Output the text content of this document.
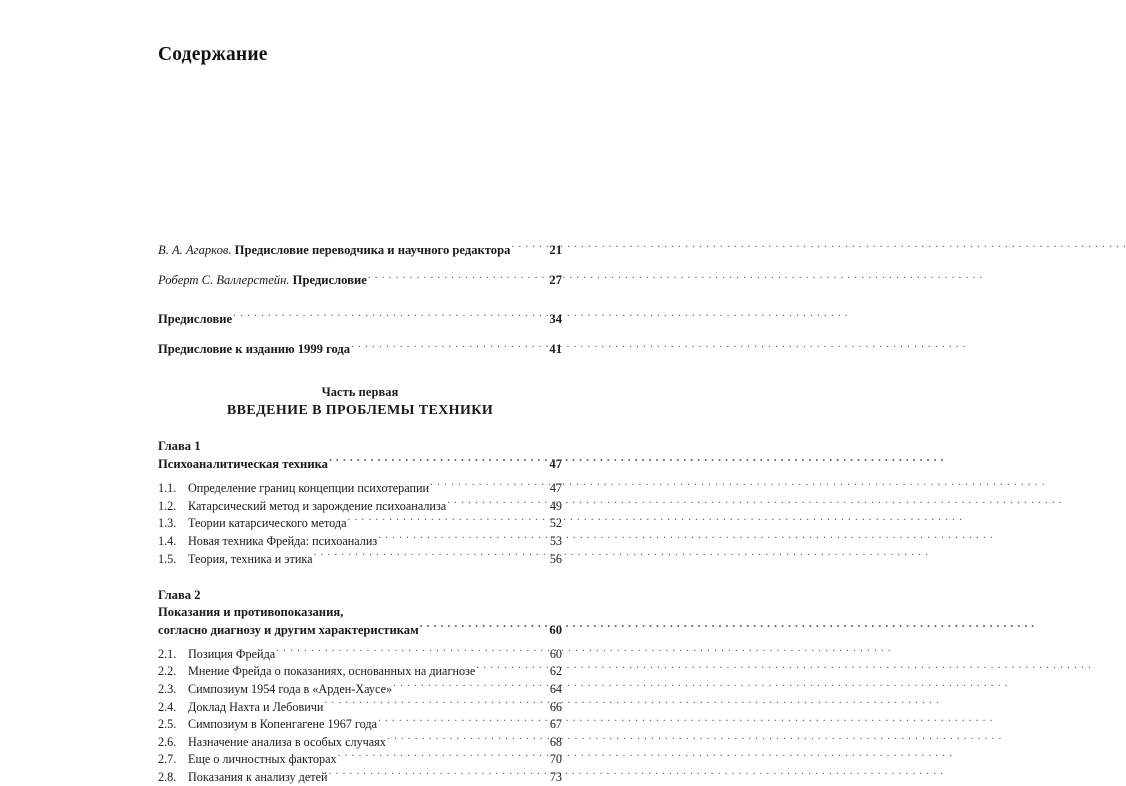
Содержание
В. А. Агарков. Предисловие переводчика и научного редактора . . .	21
Роберт С. Валлерстейн. Предисловие . . .	27
Предисловие . . .	34
Предисловие к изданию 1999 года . . .	41
Часть первая
ВВЕДЕНИЕ В ПРОБЛЕМЫ ТЕХНИКИ
Глава 1
Психоаналитическая техника . . .	47
1.1. Определение границ концепции психотерапии . . .	47
1.2. Катарсический метод и зарождение психоанализа . . .	49
1.3. Теории катарсического метода . . .	52
1.4. Новая техника Фрейда: психоанализ . . .	53
1.5. Теория, техника и этика . . .	56
Глава 2
Показания и противопоказания,
согласно диагнозу и другим характеристикам . . .	60
2.1. Позиция Фрейда . . .	60
2.2. Мнение Фрейда о показаниях, основанных на диагнозе . . .	62
2.3. Симпозиум 1954 года в «Арден-Хаусе» . . .	64
2.4. Доклад Нахта и Лебовичи . . .	66
2.5. Симпозиум в Копенгагене 1967 года . . .	67
2.6. Назначение анализа в особых случаях . . .	68
2.7. Еще о личностных факторах . . .	70
2.8. Показания к анализу детей . . .	73
